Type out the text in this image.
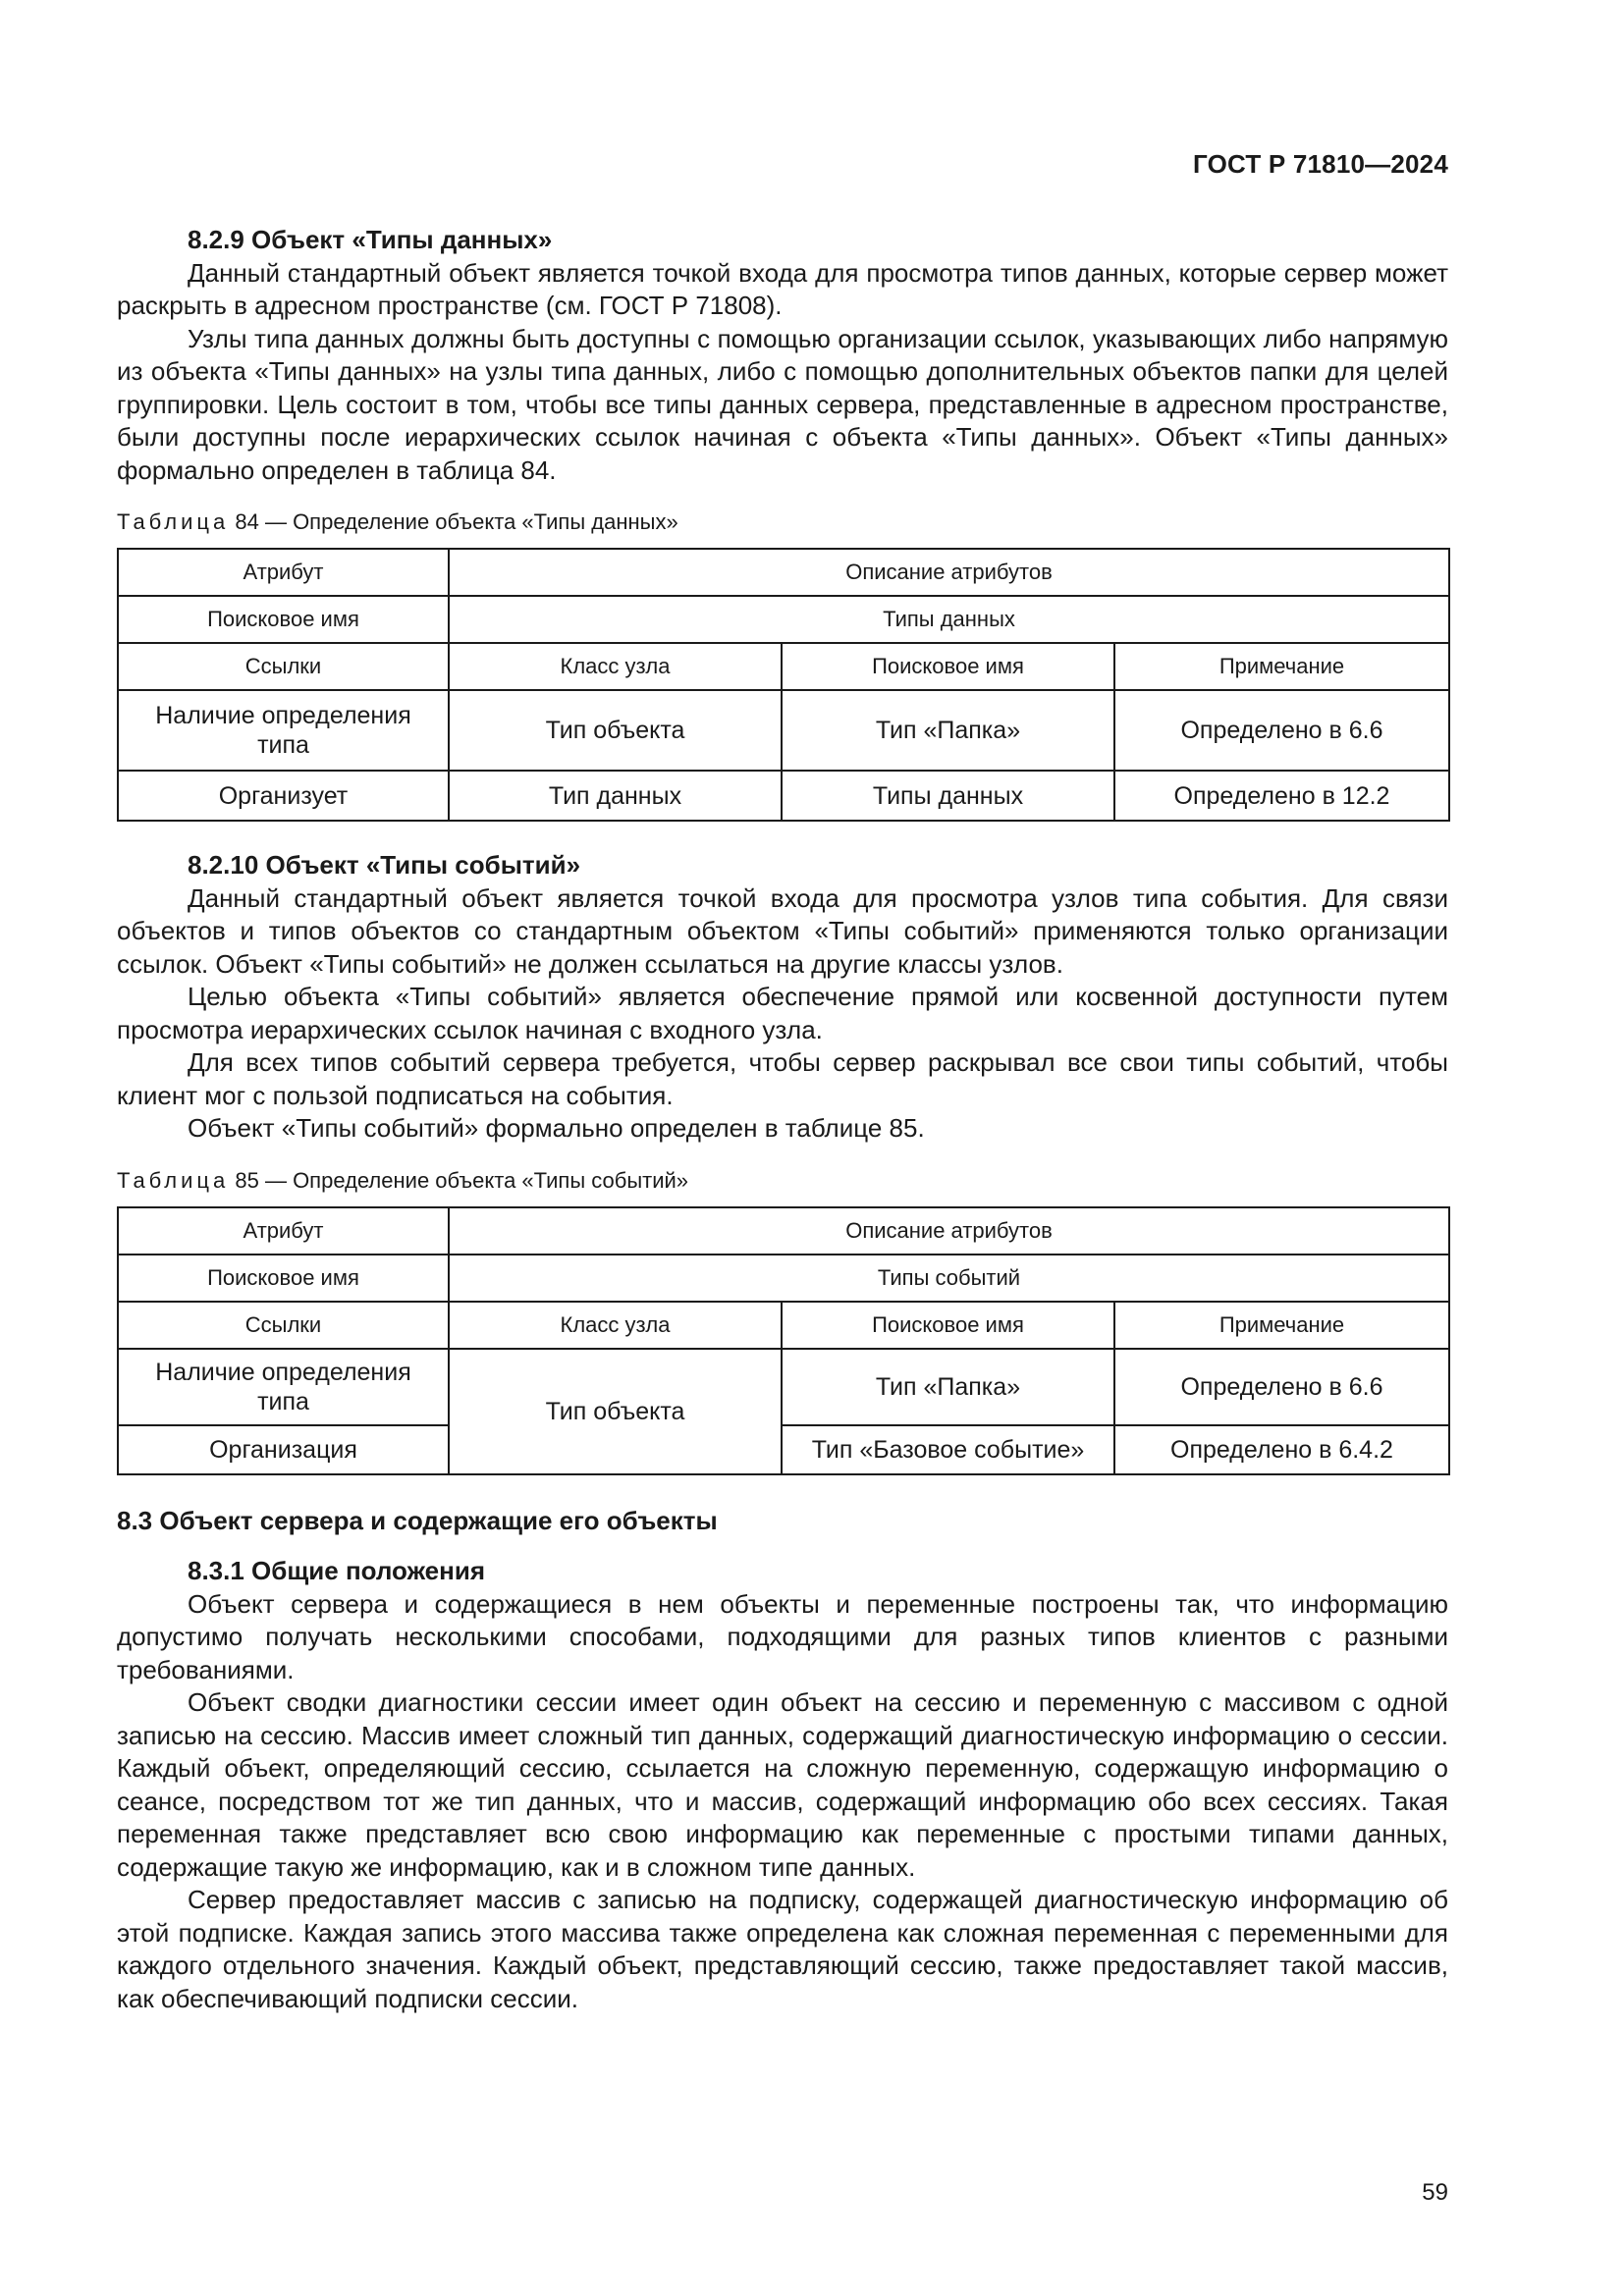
ГОСТ Р 71810—2024
8.2.9 Объект «Типы данных»

Данный стандартный объект является точкой входа для просмотра типов данных, которые сервер может раскрыть в адресном пространстве (см. ГОСТ Р 71808).

Узлы типа данных должны быть доступны с помощью организации ссылок, указывающих либо напрямую из объекта «Типы данных» на узлы типа данных, либо с помощью дополнительных объектов папки для целей группировки. Цель состоит в том, чтобы все типы данных сервера, представленные в адресном пространстве, были доступны после иерархических ссылок начиная с объекта «Типы данных». Объект «Типы данных» формально определен в таблица 84.

Таблица 84 — Определение объекта «Типы данных»
Атрибут	Описание атрибутов		
Поисковое имя	Типы данных		
Ссылки	Класс узла	Поисковое имя	Примечание
Наличие определения типа	Тип объекта	Тип «Папка»	Определено в 6.6
Организует	Тип данных	Типы данных	Определено в 12.2
8.2.10 Объект «Типы событий»

Данный стандартный объект является точкой входа для просмотра узлов типа события. Для связи объектов и типов объектов со стандартным объектом «Типы событий» применяются только организации ссылок. Объект «Типы событий» не должен ссылаться на другие классы узлов.

Целью объекта «Типы событий» является обеспечение прямой или косвенной доступности путем просмотра иерархических ссылок начиная с входного узла.

Для всех типов событий сервера требуется, чтобы сервер раскрывал все свои типы событий, чтобы клиент мог с пользой подписаться на события.

Объект «Типы событий» формально определен в таблице 85.

Таблица 85 — Определение объекта «Типы событий»
Атрибут	Описание атрибутов		
Поисковое имя	Типы событий		
Ссылки	Класс узла	Поисковое имя	Примечание
Наличие определения типа	Тип объекта	Тип «Папка»	Определено в 6.6
Организация		Тип «Базовое событие»	Определено в 6.4.2
8.3 Объект сервера и содержащие его объекты
8.3.1 Общие положения

Объект сервера и содержащиеся в нем объекты и переменные построены так, что информацию допустимо получать несколькими способами, подходящими для разных типов клиентов с разными требованиями.

Объект сводки диагностики сессии имеет один объект на сессию и переменную с массивом с одной записью на сессию. Массив имеет сложный тип данных, содержащий диагностическую информацию о сессии. Каждый объект, определяющий сессию, ссылается на сложную переменную, содержащую информацию о сеансе, посредством тот же тип данных, что и массив, содержащий информацию обо всех сессиях. Такая переменная также представляет всю свою информацию как переменные с простыми типами данных, содержащие такую же информацию, как и в сложном типе данных.

Сервер предоставляет массив с записью на подписку, содержащей диагностическую информацию об этой подписке. Каждая запись этого массива также определена как сложная переменная с переменными для каждого отдельного значения. Каждый объект, представляющий сессию, также предоставляет такой массив, как обеспечивающий подписки сессии.

59
